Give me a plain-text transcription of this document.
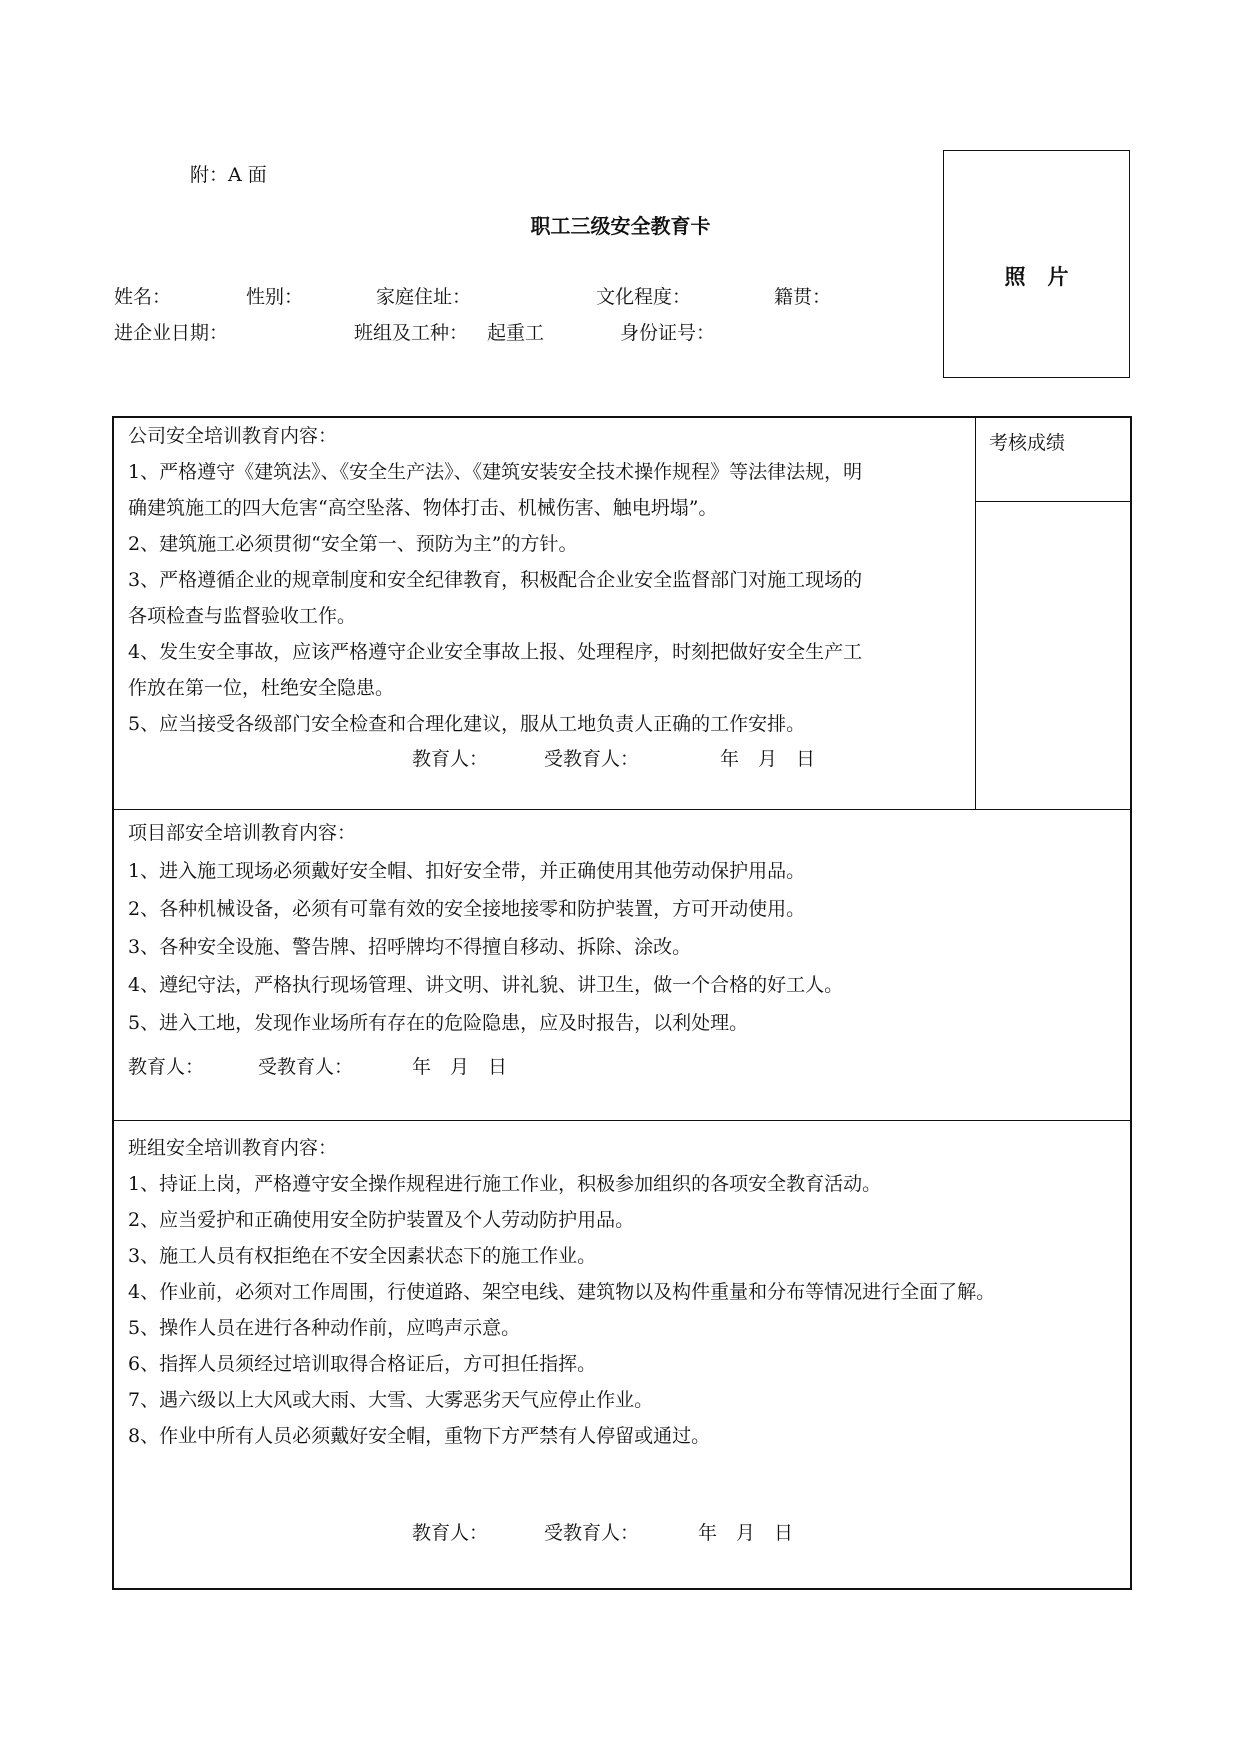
附：A 面
职工三级安全教育卡
照片
姓名：	性别：	家庭住址：	文化程度：	籍贯：
进企业日期：	班组及工种： 起重工	身份证号：
考核成绩
公司安全培训教育内容：
1、严格遵守《建筑法》、《安全生产法》、《建筑安装安全技术操作规程》等法律法规，明
确建筑施工的四大危害“高空坠落、物体打击、机械伤害、触电坍塌”。
2、建筑施工必须贯彻“安全第一、预防为主”的方针。
3、严格遵循企业的规章制度和安全纪律教育，积极配合企业安全监督部门对施工现场的
各项检查与监督验收工作。
4、发生安全事故，应该严格遵守企业安全事故上报、处理程序，时刻把做好安全生产工
作放在第一位，杜绝安全隐患。
5、应当接受各级部门安全检查和合理化建议，服从工地负责人正确的工作安排。
教育人：	受教育人：	年　月　日
项目部安全培训教育内容：
1、进入施工现场必须戴好安全帽、扣好安全带，并正确使用其他劳动保护用品。
2、各种机械设备，必须有可靠有效的安全接地接零和防护装置，方可开动使用。
3、各种安全设施、警告牌、招呼牌均不得擅自移动、拆除、涂改。
4、遵纪守法，严格执行现场管理、讲文明、讲礼貌、讲卫生，做一个合格的好工人。
5、进入工地，发现作业场所有存在的危险隐患，应及时报告，以利处理。
教育人：	受教育人：	年　月　日
班组安全培训教育内容：
1、持证上岗，严格遵守安全操作规程进行施工作业，积极参加组织的各项安全教育活动。
2、应当爱护和正确使用安全防护装置及个人劳动防护用品。
3、施工人员有权拒绝在不安全因素状态下的施工作业。
4、作业前，必须对工作周围，行使道路、架空电线、建筑物以及构件重量和分布等情况进行全面了解。
5、操作人员在进行各种动作前，应鸣声示意。
6、指挥人员须经过培训取得合格证后，方可担任指挥。
7、遇六级以上大风或大雨、大雪、大雾恶劣天气应停止作业。
8、作业中所有人员必须戴好安全帽，重物下方严禁有人停留或通过。
教育人：	受教育人：	年　月　日
